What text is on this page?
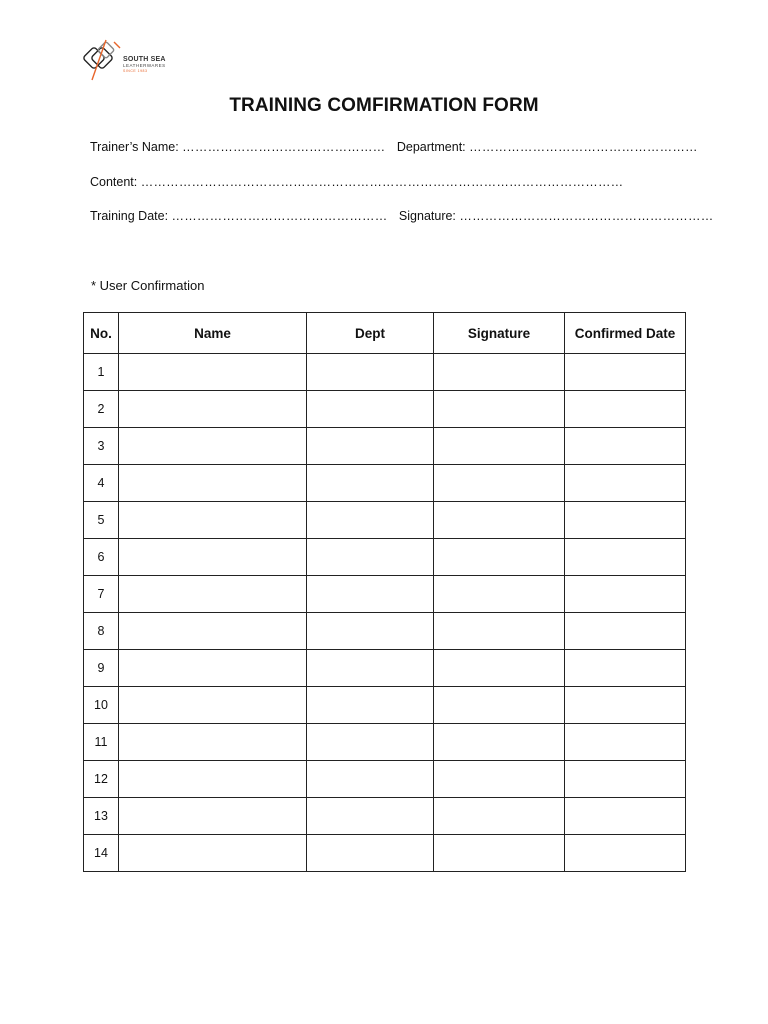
SOUTH SEA
LEATHERWARES
SINCE 1983
TRAINING COMFIRMATION FORM
Trainer’s Name: ………………………………………… Department: ………………………………………………
Content: ……………………………………………………………………………………………………
Training Date: …………………………………………… Signature: ……………………………………………………
* User Confirmation
No.	Name	Dept	Signature	Confirmed Date
1				
2				
3				
4				
5				
6				
7				
8				
9				
10				
11				
12				
13				
14				
